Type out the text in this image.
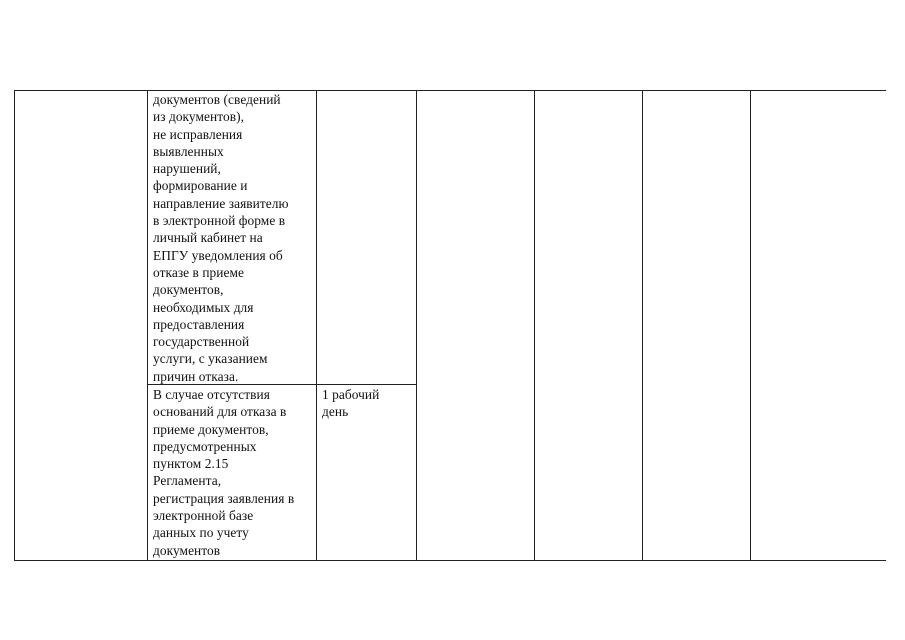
документов (сведений
из документов),
не исправления
выявленных
нарушений,
формирование и
направление заявителю
в электронной форме в
личный кабинет на
ЕПГУ уведомления об
отказе в приеме
документов,
необходимых для
предоставления
государственной
услуги, с указанием
причин отказа.
В случае отсутствия
оснований для отказа в
приеме документов,
предусмотренных
пунктом 2.15
Регламента,
регистрация заявления в
электронной базе
данных по учету
документов
1 рабочий
день
